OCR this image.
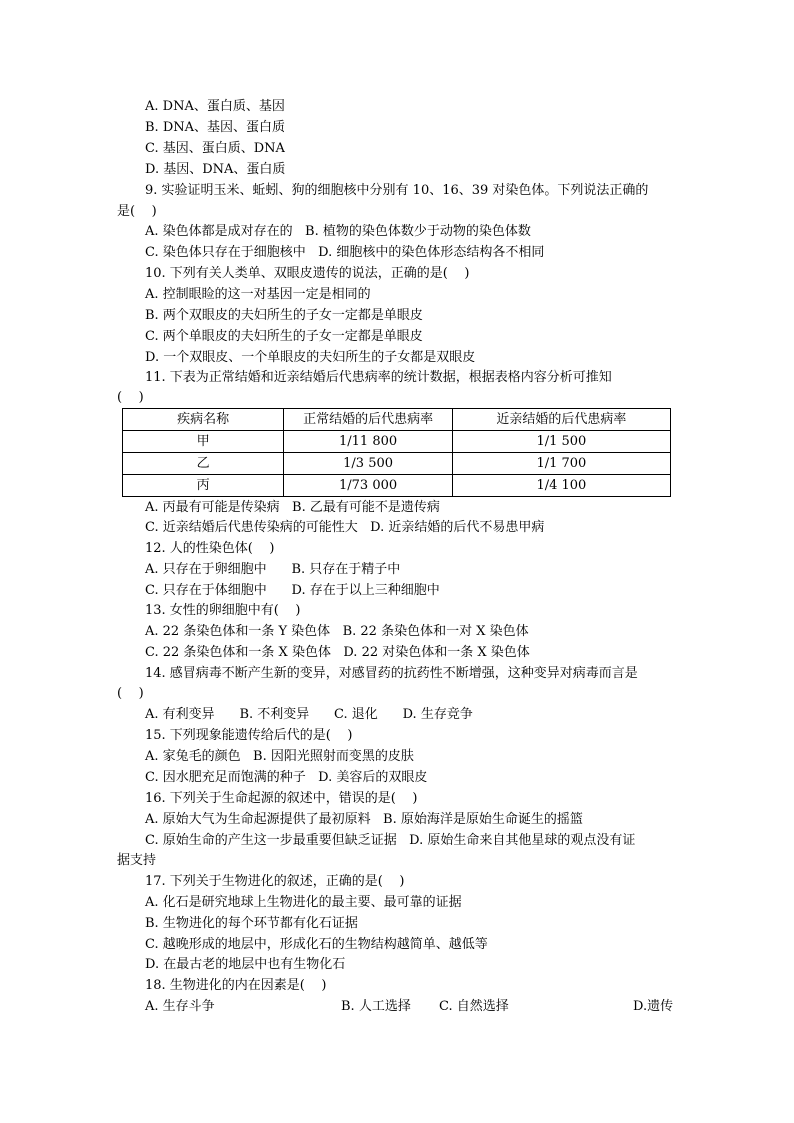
A. DNA、蛋白质、基因
B. DNA、基因、蛋白质
C. 基因、蛋白质、DNA
D. 基因、DNA、蛋白质
9. 实验证明玉米、蚯蚓、狗的细胞核中分别有 10、16、39 对染色体。下列说法正确的
是(    )
A. 染色体都是成对存在的   B. 植物的染色体数少于动物的染色体数
C. 染色体只存在于细胞核中   D. 细胞核中的染色体形态结构各不相同
10. 下列有关人类单、双眼皮遗传的说法，正确的是(    )
A. 控制眼睑的这一对基因一定是相同的
B. 两个双眼皮的夫妇所生的子女一定都是单眼皮
C. 两个单眼皮的夫妇所生的子女一定都是单眼皮
D. 一个双眼皮、一个单眼皮的夫妇所生的子女都是双眼皮
11. 下表为正常结婚和近亲结婚后代患病率的统计数据，根据表格内容分析可推知
(    )
疾病名称	正常结婚的后代患病率	近亲结婚的后代患病率
甲	1/11 800	1/1 500
乙	1/3 500	1/1 700
丙	1/73 000	1/4 100
A. 丙最有可能是传染病   B. 乙最有可能不是遗传病
C. 近亲结婚后代患传染病的可能性大   D. 近亲结婚的后代不易患甲病
12. 人的性染色体(    )
A. 只存在于卵细胞中      B. 只存在于精子中
C. 只存在于体细胞中      D. 存在于以上三种细胞中
13. 女性的卵细胞中有(    )
A. 22 条染色体和一条 Y 染色体   B. 22 条染色体和一对 X 染色体
C. 22 条染色体和一条 X 染色体   D. 22 对染色体和一条 X 染色体
14. 感冒病毒不断产生新的变异，对感冒药的抗药性不断增强，这种变异对病毒而言是
(    )
A. 有利变异      B. 不利变异      C. 退化      D. 生存竞争
15. 下列现象能遗传给后代的是(    )
A. 家兔毛的颜色   B. 因阳光照射而变黑的皮肤
C. 因水肥充足而饱满的种子   D. 美容后的双眼皮
16. 下列关于生命起源的叙述中，错误的是(    )
A. 原始大气为生命起源提供了最初原料   B. 原始海洋是原始生命诞生的摇篮
C. 原始生命的产生这一步最重要但缺乏证据   D. 原始生命来自其他星球的观点没有证
据支持
17. 下列关于生物进化的叙述，正确的是(    )
A. 化石是研究地球上生物进化的最主要、最可靠的证据
B. 生物进化的每个环节都有化石证据
C. 越晚形成的地层中，形成化石的生物结构越简单、越低等
D. 在最古老的地层中也有生物化石
18. 生物进化的内在因素是(    )
A. 生存斗争	B. 人工选择 C. 自然选择	D.遗传
